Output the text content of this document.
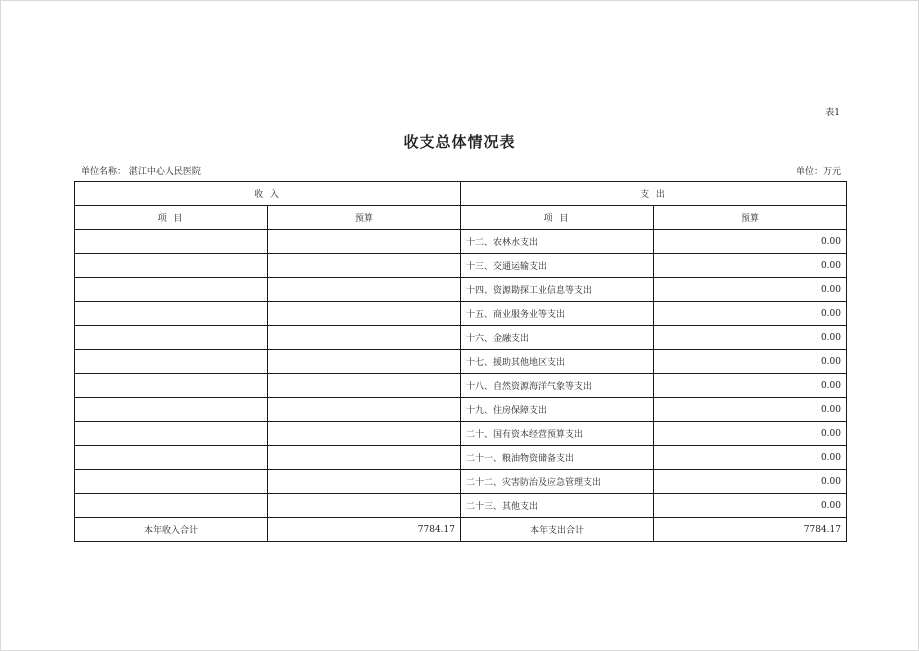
表1
收支总体情况表
单位名称： 湛江中心人民医院	单位：万元
收 入		支 出	
项 目	预算	项 目	预算
		十二、农林水支出	0.00
		十三、交通运输支出	0.00
		十四、资源勘探工业信息等支出	0.00
		十五、商业服务业等支出	0.00
		十六、金融支出	0.00
		十七、援助其他地区支出	0.00
		十八、自然资源海洋气象等支出	0.00
		十九、住房保障支出	0.00
		二十、国有资本经营预算支出	0.00
		二十一、粮油物资储备支出	0.00
		二十二、灾害防治及应急管理支出	0.00
		二十三、其他支出	0.00
本年收入合计	7784.17	本年支出合计	7784.17
